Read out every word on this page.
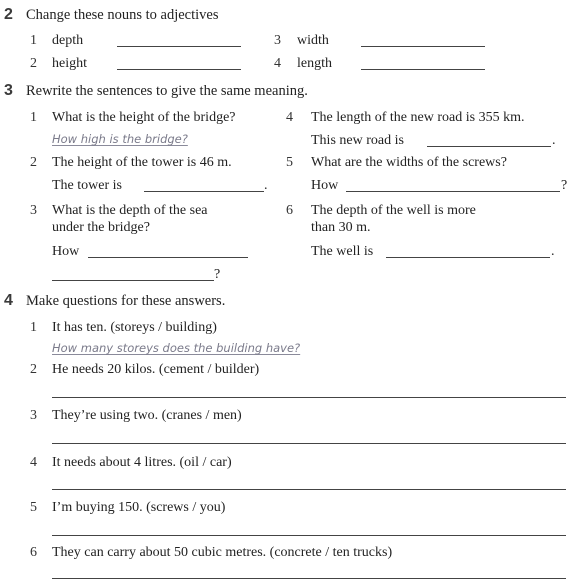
2 Change these nouns to adjectives
1 depth
2 height
3 width
4 length
3 Rewrite the sentences to give the same meaning.
1 What is the height of the bridge?
How high is the bridge?
2 The height of the tower is 46 m.
The tower is	.
3 What is the depth of the sea
under the bridge?
How
?
4 The length of the new road is 355 km.
This new road is	.
5 What are the widths of the screws?
How	?
6 The depth of the well is more
than 30 m.
The well is	.
4 Make questions for these answers.
1 It has ten. (storeys / building)
How many storeys does the building have?
2 He needs 20 kilos. (cement / builder)
3 They’re using two. (cranes / men)
4 It needs about 4 litres. (oil / car)
5 I’m buying 150. (screws / you)
6 They can carry about 50 cubic metres. (concrete / ten trucks)
